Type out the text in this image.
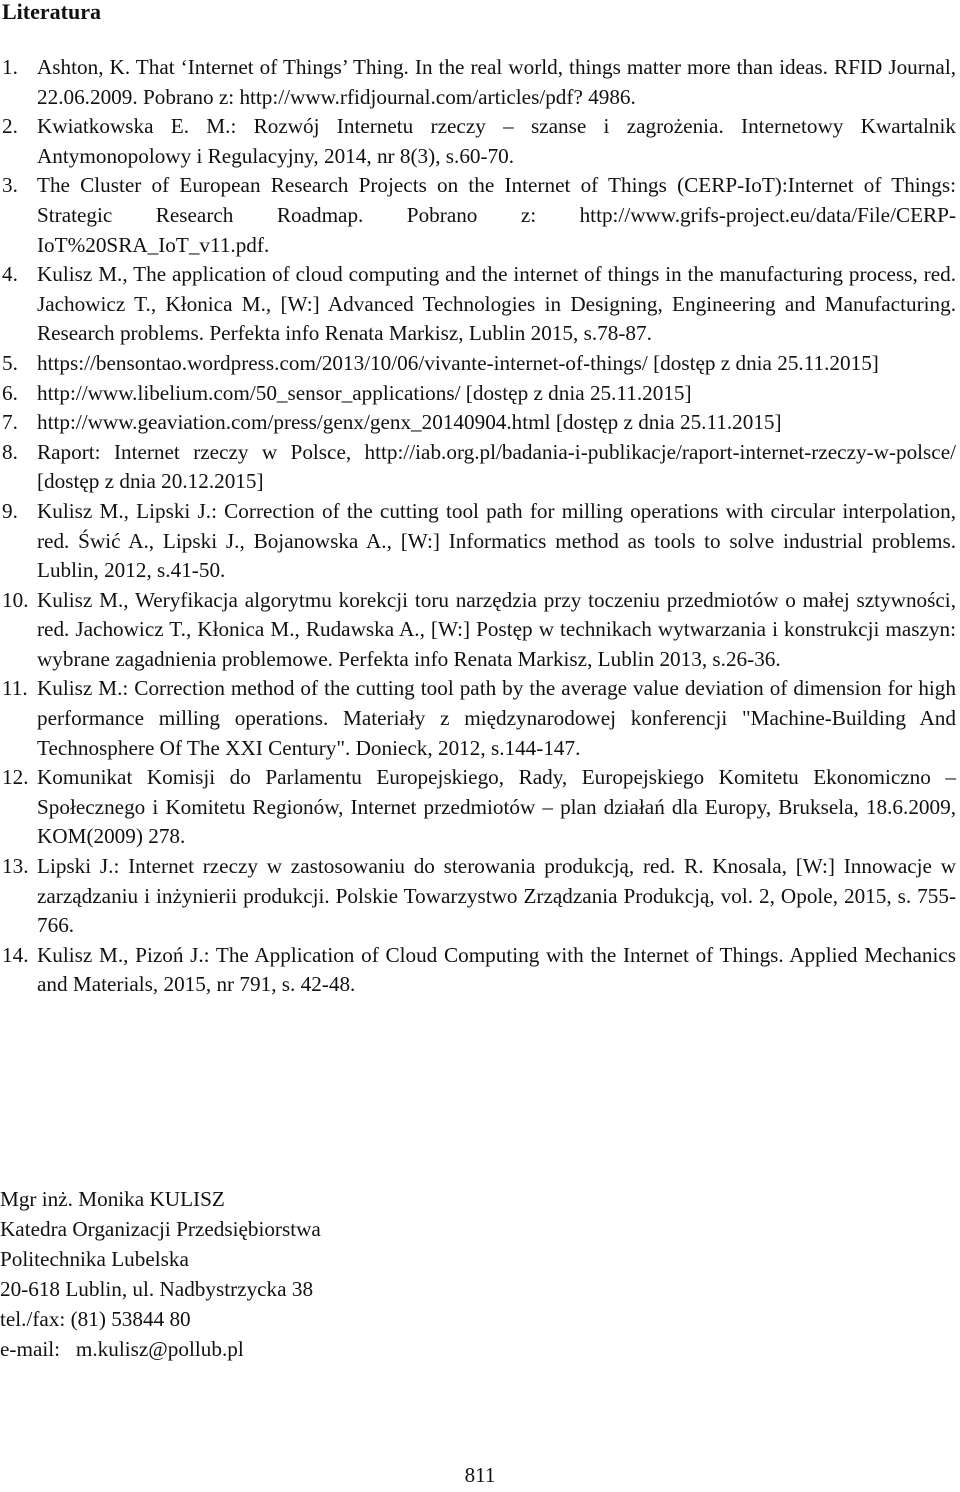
Literatura
1. Ashton, K. That ‘Internet of Things’ Thing. In the real world, things matter more than ideas. RFID Journal, 22.06.2009. Pobrano z: http://www.rfidjournal.com/articles/pdf? 4986.
2. Kwiatkowska E. M.: Rozwój Internetu rzeczy – szanse i zagrożenia. Internetowy Kwartalnik Antymonopolowy i Regulacyjny, 2014, nr 8(3), s.60-70.
3. The Cluster of European Research Projects on the Internet of Things (CERP-IoT):Internet of Things: Strategic Research Roadmap. Pobrano z: http://www.grifs-project.eu/data/File/CERP-IoT%20SRA_IoT_v11.pdf.
4. Kulisz M., The application of cloud computing and the internet of things in the manufacturing process, red. Jachowicz T., Kłonica M., [W:] Advanced Technologies in Designing, Engineering and Manufacturing. Research problems. Perfekta info Renata Markisz, Lublin 2015, s.78-87.
5. https://bensontao.wordpress.com/2013/10/06/vivante-internet-of-things/ [dostęp z dnia 25.11.2015]
6. http://www.libelium.com/50_sensor_applications/ [dostęp z dnia 25.11.2015]
7. http://www.geaviation.com/press/genx/genx_20140904.html [dostęp z dnia 25.11.2015]
8. Raport: Internet rzeczy w Polsce, http://iab.org.pl/badania-i-publikacje/raport-internet-rzeczy-w-polsce/ [dostęp z dnia 20.12.2015]
9. Kulisz M., Lipski J.: Correction of the cutting tool path for milling operations with circular interpolation, red. Świć A., Lipski J., Bojanowska A., [W:] Informatics method as tools to solve industrial problems. Lublin, 2012, s.41-50.
10. Kulisz M., Weryfikacja algorytmu korekcji toru narzędzia przy toczeniu przedmiotów o małej sztywności, red. Jachowicz T., Kłonica M., Rudawska A., [W:] Postęp w technikach wytwarzania i konstrukcji maszyn: wybrane zagadnienia problemowe. Perfekta info Renata Markisz, Lublin 2013, s.26-36.
11. Kulisz M.: Correction method of the cutting tool path by the average value deviation of dimension for high performance milling operations. Materiały z międzynarodowej konferencji "Machine-Building And Technosphere Of The XXI Century". Donieck, 2012, s.144-147.
12. Komunikat Komisji do Parlamentu Europejskiego, Rady, Europejskiego Komitetu Ekonomiczno – Społecznego i Komitetu Regionów, Internet przedmiotów – plan działań dla Europy, Bruksela, 18.6.2009, KOM(2009) 278.
13. Lipski J.: Internet rzeczy w zastosowaniu do sterowania produkcją, red. R. Knosala, [W:] Innowacje w zarządzaniu i inżynierii produkcji. Polskie Towarzystwo Zrządzania Produkcją, vol. 2, Opole, 2015, s. 755-766.
14. Kulisz M., Pizoń J.: The Application of Cloud Computing with the Internet of Things. Applied Mechanics and Materials, 2015, nr 791, s. 42-48.
Mgr inż. Monika KULISZ
Katedra Organizacji Przedsiębiorstwa
Politechnika Lubelska
20-618 Lublin, ul. Nadbystrzycka 38
tel./fax: (81) 53844 80
e-mail:   m.kulisz@pollub.pl
811
